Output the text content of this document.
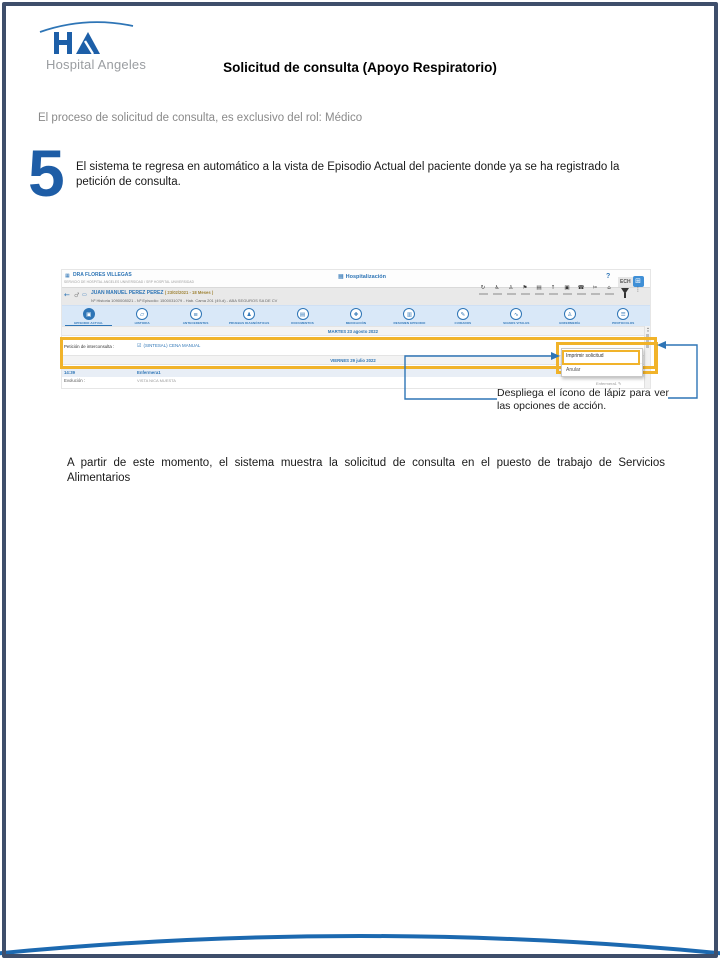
Hospital Angeles	Solicitud de consulta (Apoyo Respiratorio)
El proceso de solicitud de consulta, es exclusivo del rol: Médico
5 El sistema te regresa en automático a la vista de Episodio Actual del paciente donde ya se ha registrado la petición de consulta.
▦ DRA FLORES VILLEGAS
SERVICIO DE HOSPITAL ANGELES UNIVERSIDAD / SRP HOSPITAL UNIVERSIDAD
▦ Hospitalización	?
ECH ⊞
← ♂ ▭ JUAN MANUEL PEREZ PEREZ ( 23/02/2021 - 18 Meses )
Nº Historia 1090008021 - Nº Episodio: 1500031079 - Hab. Cama 201 (49-d) - ABA SEGUROS SA DE CV
↻	♿	♙	⚑	▤	↑	▣	☎	✂	⌂	⋮
▣
EPISODIO ACTUAL
▱
HISTORIA
≡
ANTECEDENTES
♟
PRUEBAS DIAGNÓSTICAS
▤
DOCUMENTOS
✚
MEDICACIÓN
▥
RESUMEN EPISODIO
✎
CUIDADOS
∿
SIGNOS VITALES
♙
ENFERMERÍA
☰
PROTOCOLOS
MARTES 23 agosto 2022
Petición de interconsulta :	☑ (SINTESAL) CENA MANUAL
VIERNES 29 julio 2022
14:39	Enfermera1
Evolución :	VISTA NICA MUESTA
Enfermera1 ✎
▴
▾
Imprimir solicitud
Anular
Despliega el ícono de lápiz para ver las opciones de acción.
A partir de este momento, el sistema muestra la solicitud de consulta en el puesto de trabajo de Servicios Alimentarios
